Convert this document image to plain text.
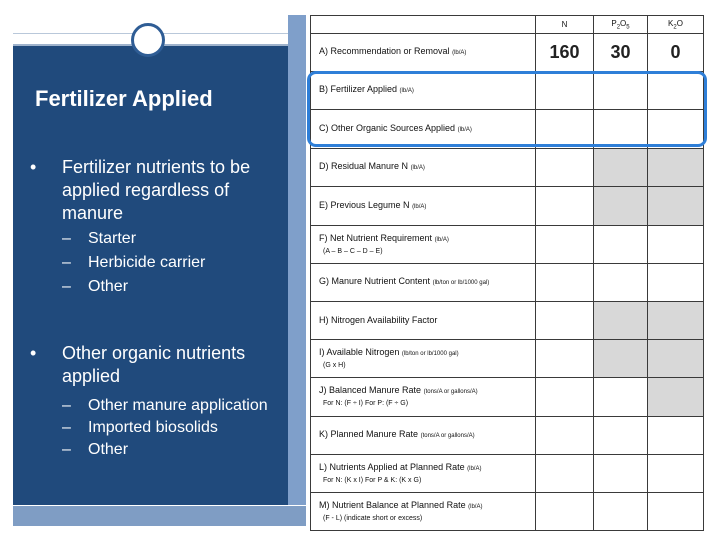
Fertilizer Applied
• Fertilizer nutrients to be applied regardless of manure
– Starter
– Herbicide carrier
– Other
• Other organic nutrients applied
– Other manure application
– Imported biosolids
– Other
	N	$P_2O_5$	$K_2O$
A) Recommendation or Removal (lb/A)	160	30	0
B) Fertilizer Applied (lb/A)			
C) Other Organic Sources Applied (lb/A)			
D) Residual Manure N (lb/A)			
E) Previous Legume N (lb/A)			
F) Net Nutrient Requirement (lb/A)
(A – B – C – D – E)			

G) Manure Nutrient Content (lb/ton or lb/1000 gal)			
H) Nitrogen Availability Factor			
I) Available Nitrogen (lb/ton or lb/1000 gal)
(G x H)			

J) Balanced Manure Rate (tons/A or gallons/A)
For N: (F ÷ I) For P: (F ÷ G)			

K) Planned Manure Rate (tons/A or gallons/A)			
L) Nutrients Applied at Planned Rate (lb/A)
For N: (K x I) For P & K: (K x G)			

M) Nutrient Balance at Planned Rate (lb/A)
(F - L) (indicate short or excess)			
